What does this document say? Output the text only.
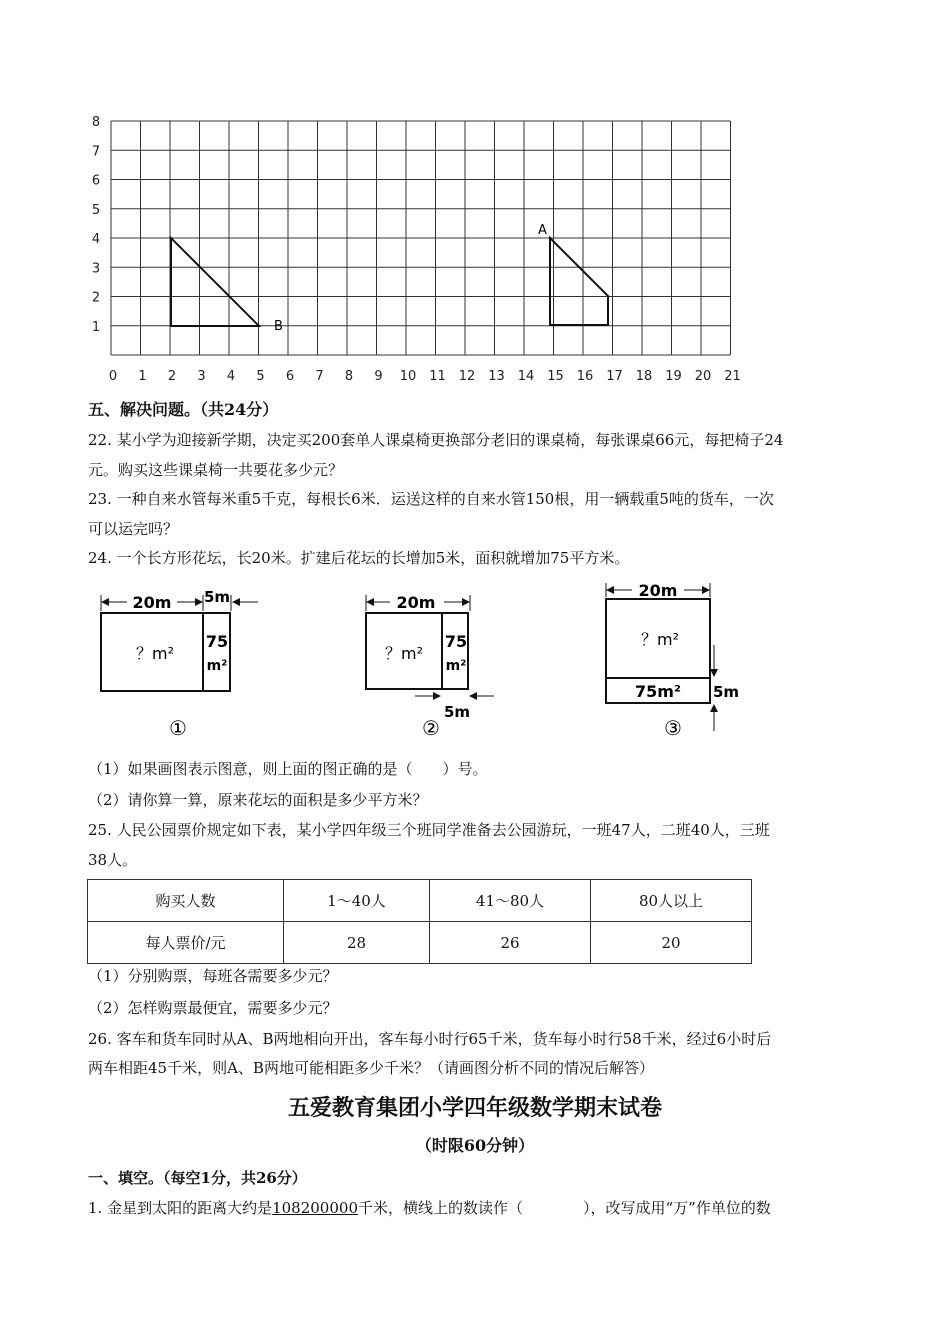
1
2
3
4
5
6
7
8
0 1 2 3 4 5 6 7 8 9 10 11 12 13 14 15 16 17 18 19 20 21
B
A
五、解决问题。（共24分）
22. 某小学为迎接新学期，决定买200套单人课桌椅更换部分老旧的课桌椅，每张课桌66元，每把椅子24
元。购买这些课桌椅一共要花多少元？
23. 一种自来水管每米重5千克，每根长6米．运送这样的自来水管150根，用一辆载重5吨的货车，一次
可以运完吗？
24. 一个长方形花坛，长20米。扩建后花坛的长增加5米，面积就增加75平方米。
20m 5m
？m²
75
m²
①
20m
？m²
75
m²
5m
②
20m
？m²
75m² 5m
③
（1）如果画图表示图意，则上面的图正确的是（　　）号。
（2）请你算一算，原来花坛的面积是多少平方米？
25. 人民公园票价规定如下表，某小学四年级三个班同学准备去公园游玩，一班47人，二班40人，三班
38人。
购买人数	1～40人	41～80人	80人以上
每人票价/元	28	26	20
（1）分别购票，每班各需要多少元？
（2）怎样购票最便宜，需要多少元？
26. 客车和货车同时从A、B两地相向开出，客车每小时行65千米，货车每小时行58千米，经过6小时后
两车相距45千米，则A、B两地可能相距多少千米？（请画图分析不同的情况后解答）
五爱教育集团小学四年级数学期末试卷
（时限60分钟）
一、填空。（每空1分，共26分）
1. 金星到太阳的距离大约是108200000千米，横线上的数读作（　　　　），改写成用“万”作单位的数
